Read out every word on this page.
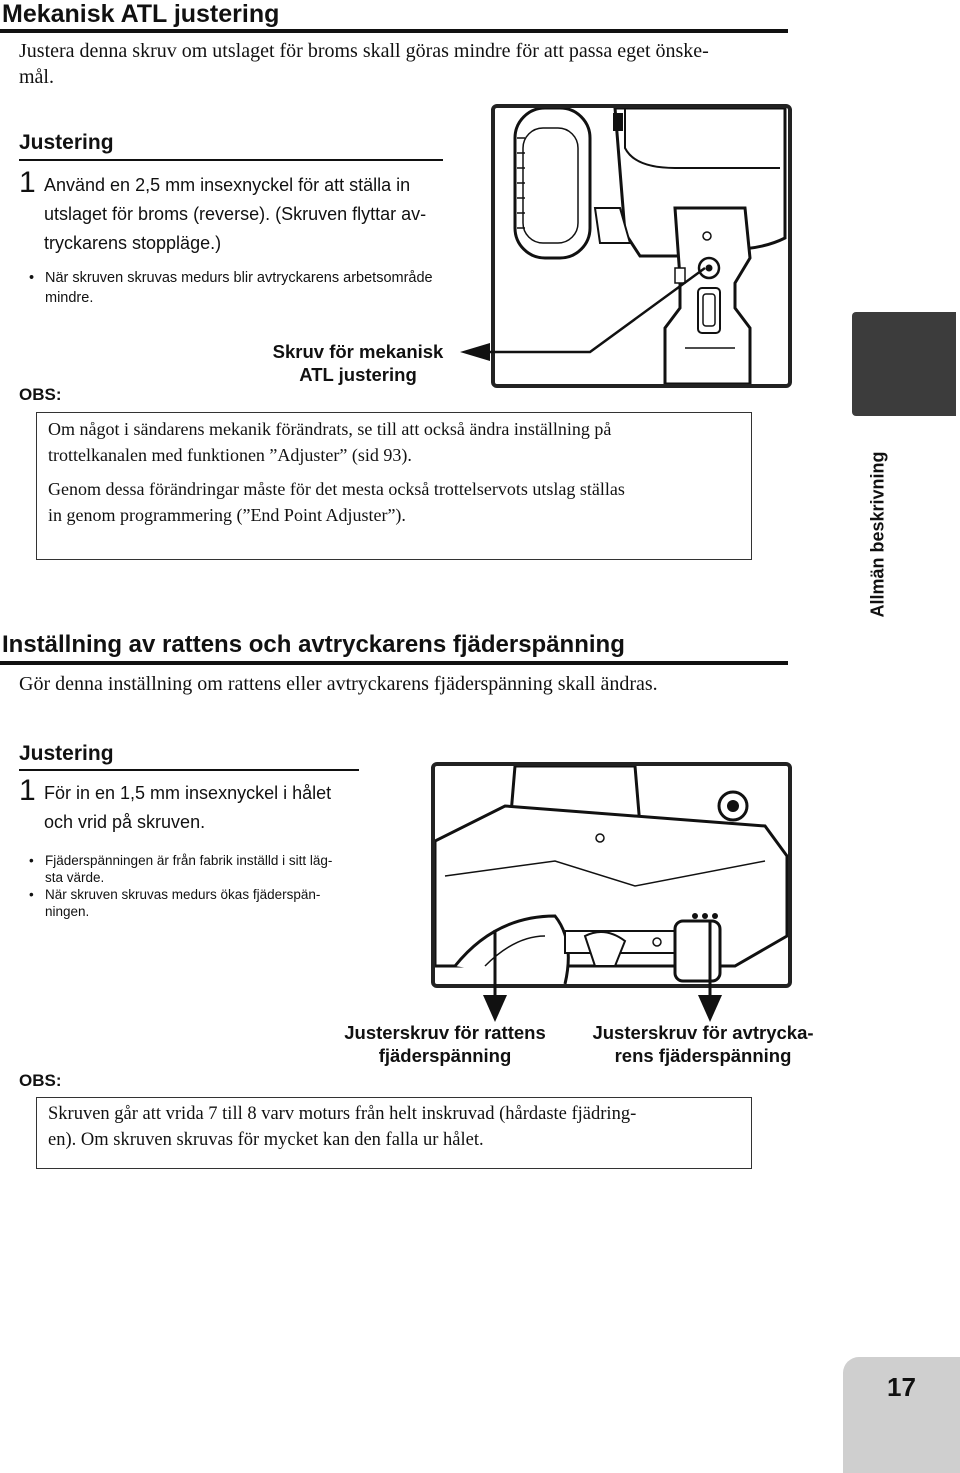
Mekanisk ATL justering
Justera denna skruv om utslaget för broms skall göras mindre för att passa eget önske-
mål.
Justering
1 Använd en 2,5 mm insexnyckel för att ställa in
utslaget för broms (reverse). (Skruven flyttar av-
tryckarens stoppläge.)
• När skruven skruvas medurs blir avtryckarens arbetsområde
mindre.
Skruv för mekanisk
ATL justering
OBS:
Om något i sändarens mekanik förändrats, se till att också ändra inställning på
trottelkanalen med funktionen ”Adjuster” (sid 93).
Genom dessa förändringar måste för det mesta också trottelservots utslag ställas
in genom programmering (”End Point Adjuster”).	Allmän beskrivning
Inställning av rattens och avtryckarens fjäderspänning
Gör denna inställning om rattens eller avtryckarens fjäderspänning skall ändras.
Justering
1 För in en 1,5 mm insexnyckel i hålet
och vrid på skruven.
• Fjäderspänningen är från fabrik inställd i sitt läg-
sta värde.
• När skruven skruvas medurs ökas fjäderspän-
ningen.
Justerskruv för rattens
fjäderspänning
Justerskruv för avtrycka-
rens fjäderspänning
OBS:
Skruven går att vrida 7 till 8 varv moturs från helt inskruvad (hårdaste fjädring-
en). Om skruven skruvas för mycket kan den falla ur hålet.
17
